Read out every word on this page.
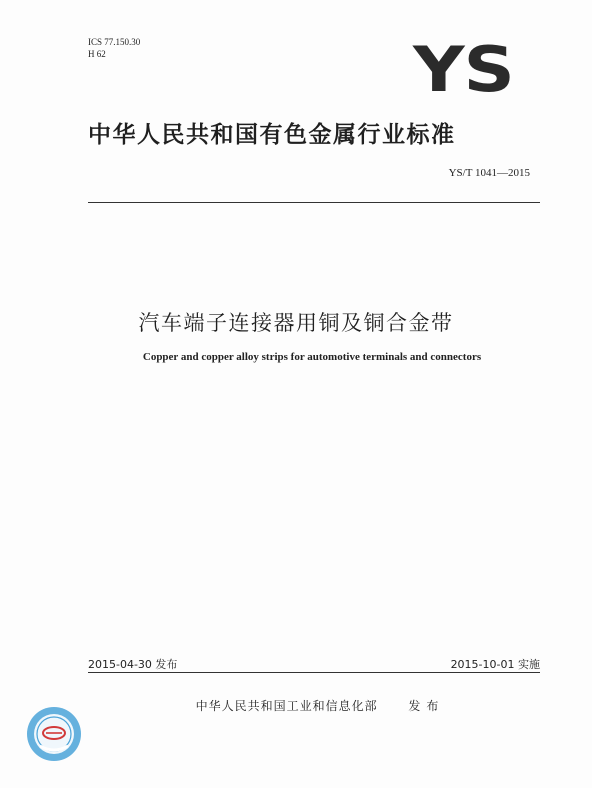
ICS 77.150.30
H 62	YS
中华人民共和国有色金属行业标准
YS/T 1041—2015
汽车端子连接器用铜及铜合金带
Copper and copper alloy strips for automotive terminals and connectors
2015-04-30 发布	2015-10-01 实施
中华人民共和国工业和信息化部	发布
